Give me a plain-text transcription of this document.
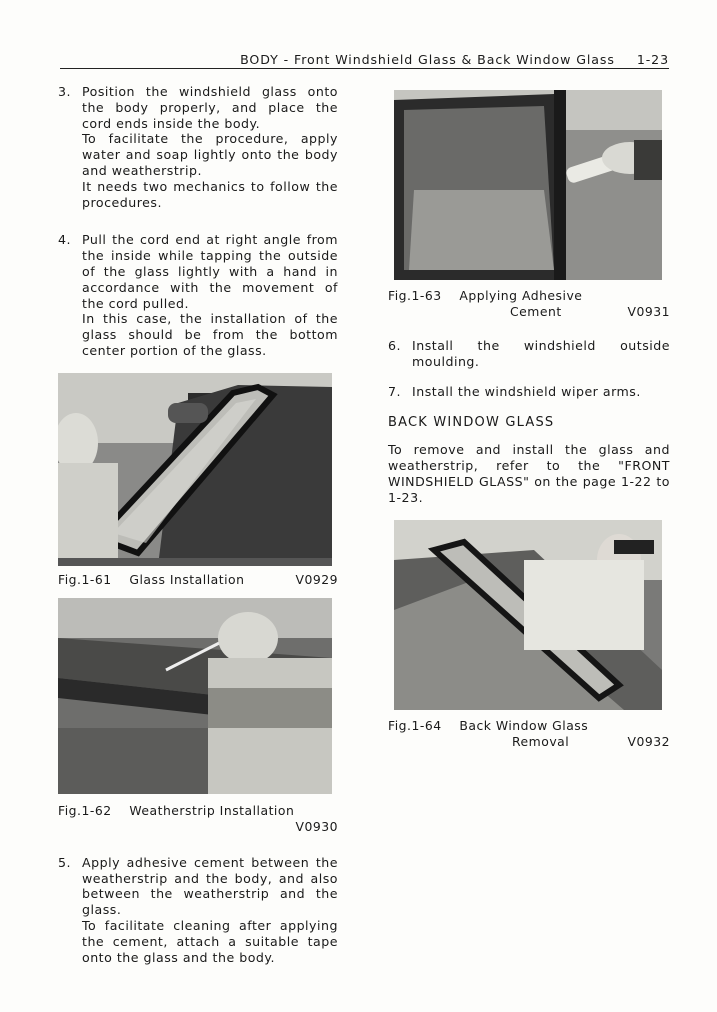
BODY - Front Windshield Glass & Back Window Glass 1-23
3. Position the windshield glass onto the body properly, and place the cord ends inside the body.

To facilitate the procedure, apply water and soap lightly onto the body and weatherstrip.

It needs two mechanics to follow the procedures.

4. Pull the cord end at right angle from the inside while tapping the outside of the glass lightly with a hand in accordance with the movement of the cord pulled.

In this case, the installation of the glass should be from the bottom center portion of the glass.

Fig.1-61 Glass Installation	V0929
Fig.1-62 Weatherstrip Installation
V0930
5. Apply adhesive cement between the weatherstrip and the body, and also between the weatherstrip and the glass.

To facilitate cleaning after applying the cement, attach a suitable tape onto the glass and the body.

Fig.1-63 Applying Adhesive
Cement	V0931
6. Install the windshield outside moulding.

7. Install the windshield wiper arms.

BACK WINDOW GLASS

To remove and install the glass and weatherstrip, refer to the "FRONT WINDSHIELD GLASS" on the page 1-22 to 1-23.

Fig.1-64 Back Window Glass
Removal	V0932
